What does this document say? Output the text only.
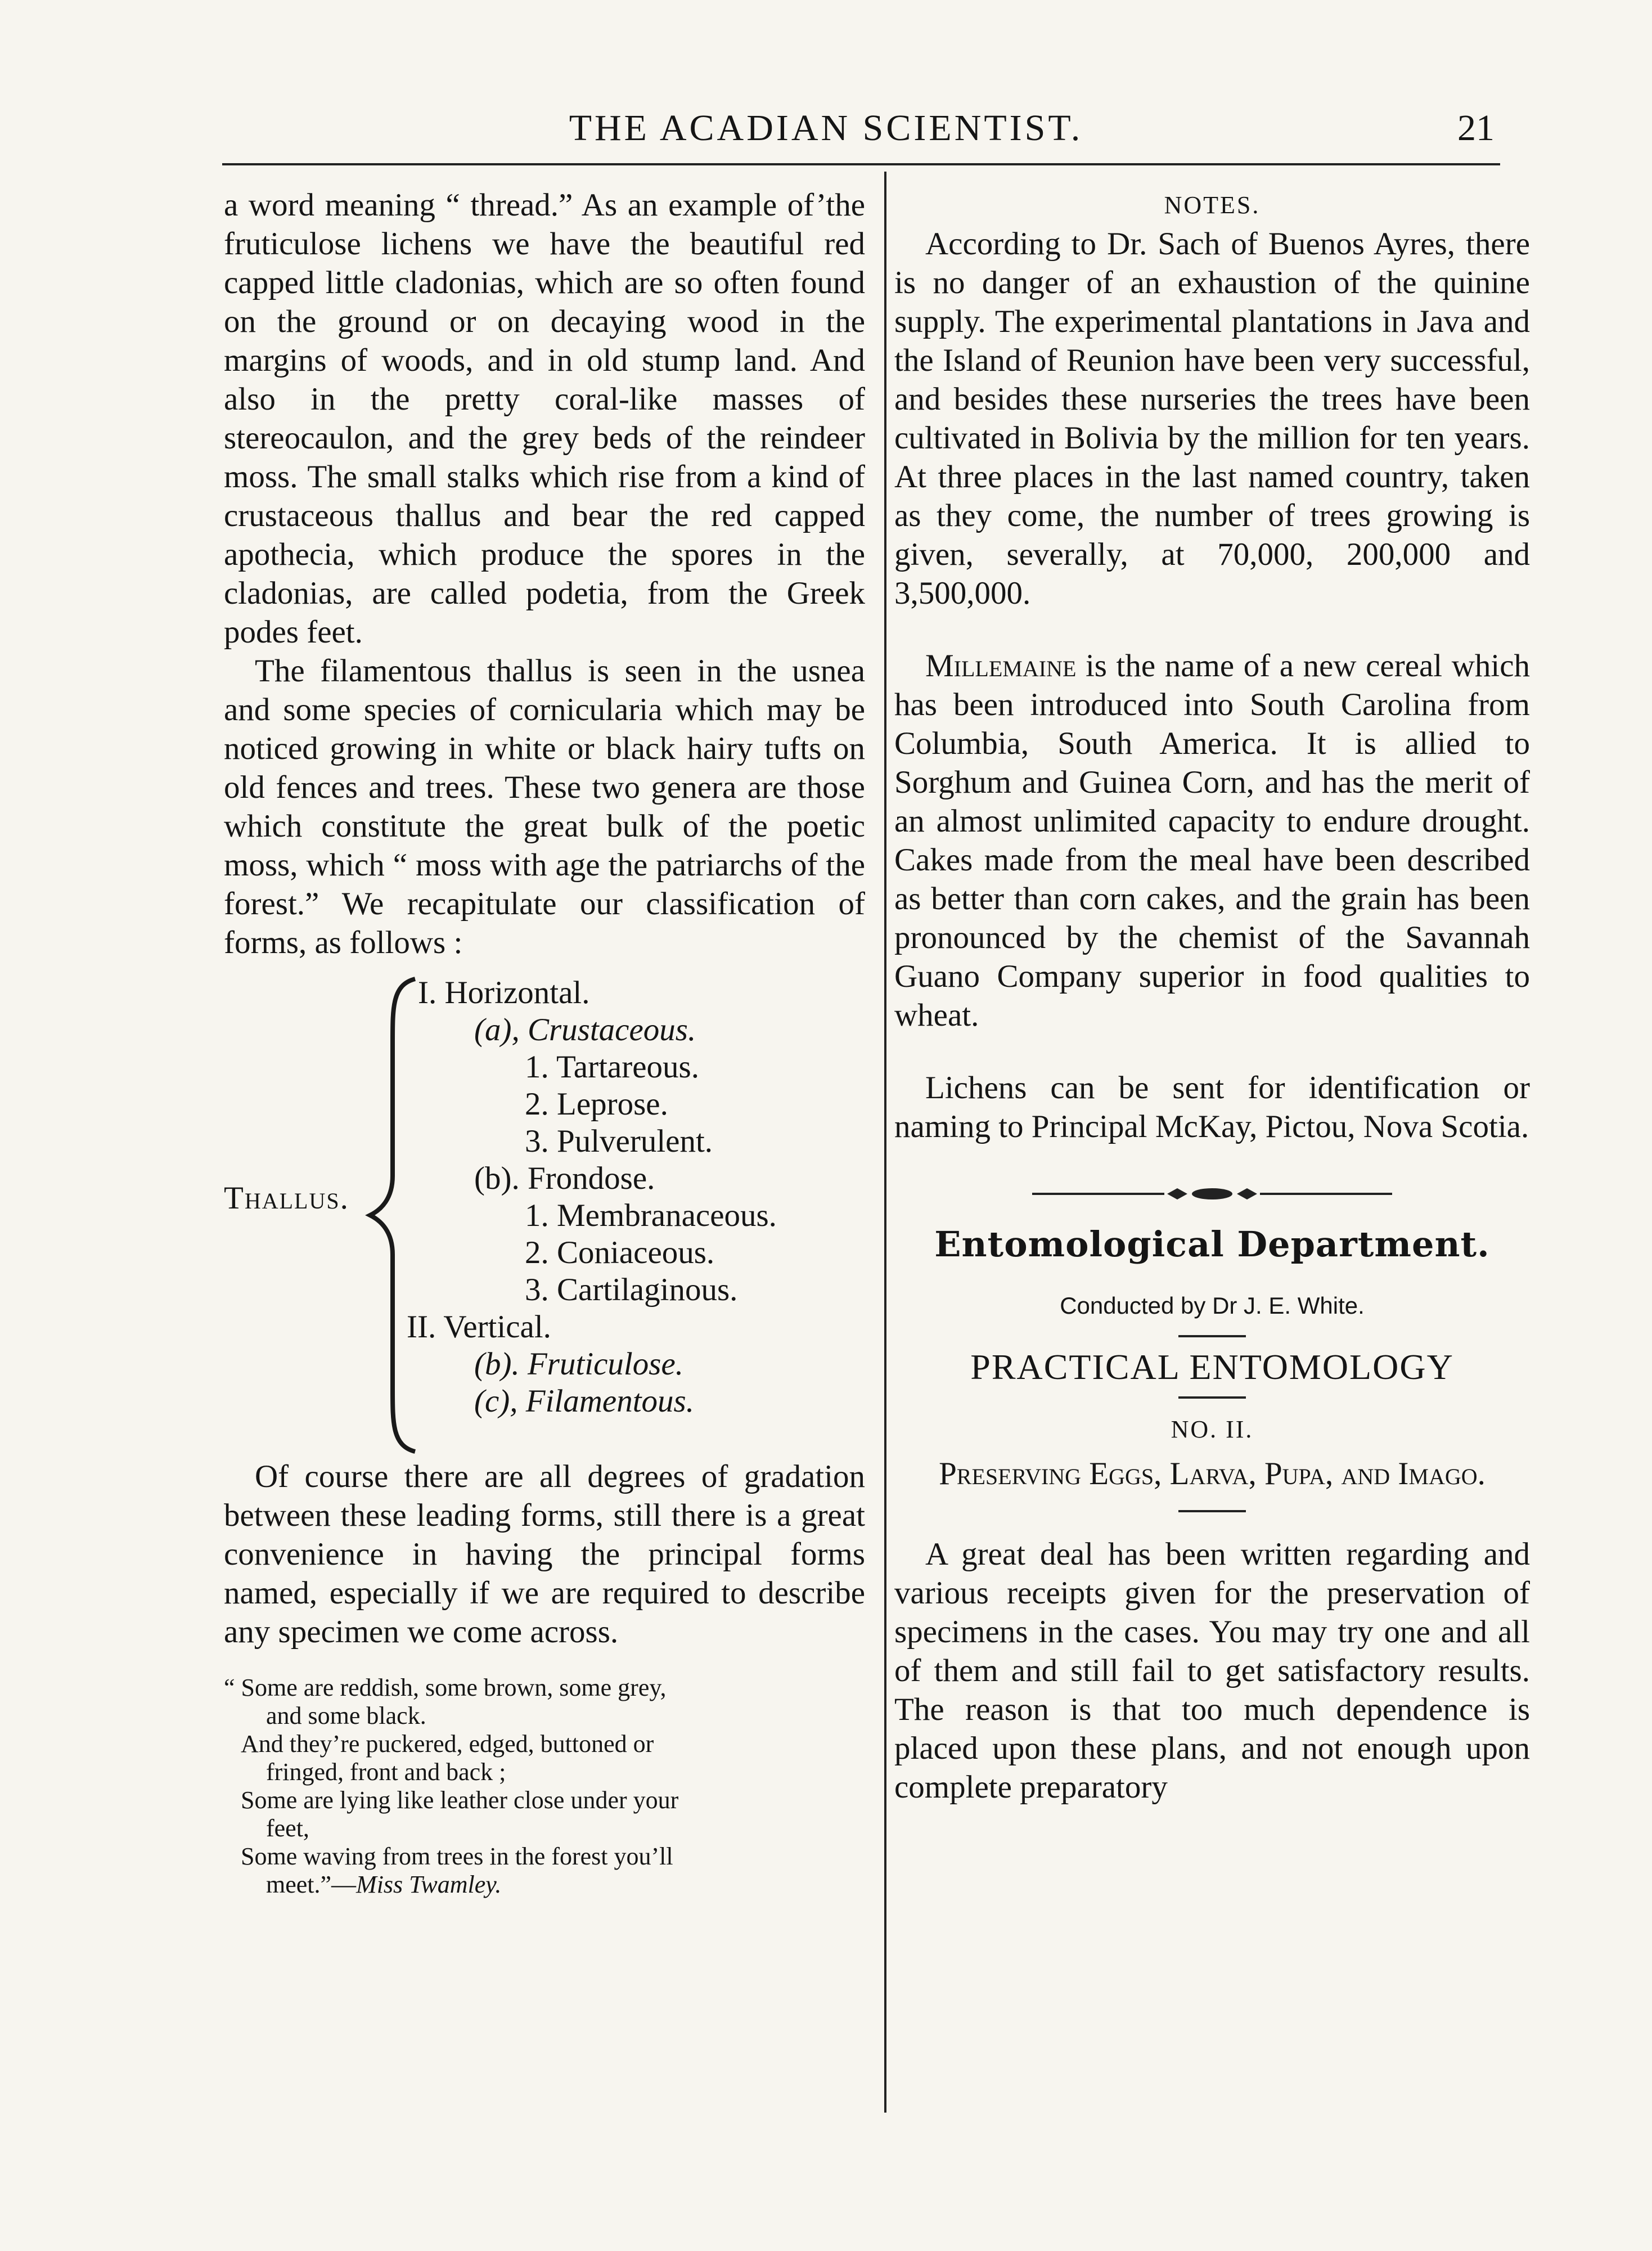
THE ACADIAN SCIENTIST.	21

a word meaning “ thread.” As an example of’the fruticulose lichens we have the beautiful red capped little cladonias, which are so often found on the ground or on decaying wood in the margins of woods, and in old stump land. And also in the pretty coral-like masses of stereocaulon, and the grey beds of the reindeer moss. The small stalks which rise from a kind of crustaceous thallus and bear the red capped apothecia, which produce the spores in the cladonias, are called podetia, from the Greek podes feet.

The filamentous thallus is seen in the usnea and some species of cornicularia which may be noticed growing in white or black hairy tufts on old fences and trees. These two genera are those which constitute the great bulk of the poetic moss, which “ moss with age the patriarchs of the forest.” We recapitulate our classification of forms, as follows :

Thallus.
I. Horizontal.
(a), Crustaceous.
1. Tartareous.
2. Leprose.
3. Pulverulent.
(b). Frondose.
1. Membranaceous.
2. Coniaceous.
3. Cartilaginous.
II. Vertical.
(b). Fruticulose.
(c), Filamentous.

Of course there are all degrees of gradation between these leading forms, still there is a great convenience in having the principal forms named, especially if we are required to describe any specimen we come across.

“ Some are reddish, some brown, some grey,

and some black.

And they’re puckered, edged, buttoned or

fringed, front and back ;

Some are lying like leather close under your

feet,

Some waving from trees in the forest you’ll

meet.”—Miss Twamley.

NOTES.

According to Dr. Sach of Buenos Ayres, there is no danger of an exhaustion of the quinine supply. The experimental plantations in Java and the Island of Reunion have been very successful, and besides these nurseries the trees have been cultivated in Bolivia by the million for ten years. At three places in the last named country, taken as they come, the number of trees growing is given, severally, at 70,000, 200,000 and 3,500,000.

Millemaine is the name of a new cereal which has been introduced into South Carolina from Columbia, South America. It is allied to Sorghum and Guinea Corn, and has the merit of an almost unlimited capacity to endure drought. Cakes made from the meal have been described as better than corn cakes, and the grain has been pronounced by the chemist of the Savannah Guano Company superior in food qualities to wheat.

Lichens can be sent for identification or naming to Principal McKay, Pictou, Nova Scotia.

Entomological Department.
Conducted by Dr J. E. White.
PRACTICAL ENTOMOLOGY
NO. II.
Preserving Eggs, Larva, Pupa, and Imago.

A great deal has been written regarding and various receipts given for the preservation of specimens in the cases. You may try one and all of them and still fail to get satisfactory results. The reason is that too much dependence is placed upon these plans, and not enough upon complete preparatory
